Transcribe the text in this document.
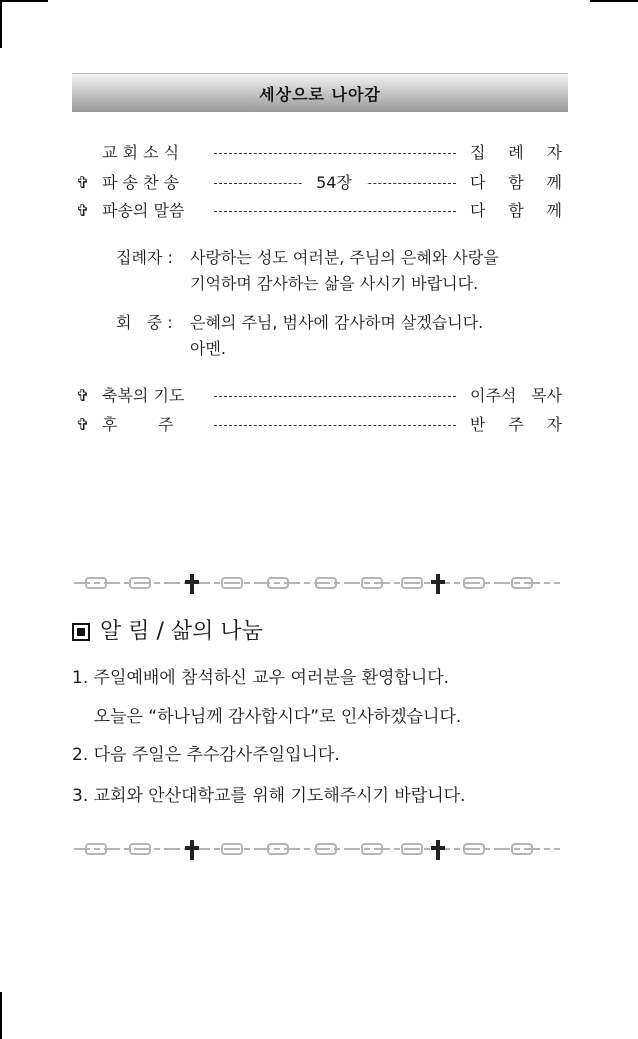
세상으로 나아감
교 회 소 식	집 례 자
✞ 파 송 찬 송	54장	다 함 께
✞ 파송의 말씀	다 함 께
집례자 : 사랑하는 성도 여러분, 주님의 은혜와 사랑을
기억하며 감사하는 삶을 사시기 바랍니다.
회   중 : 은혜의 주님, 범사에 감사하며 살겠습니다.
아멘.
✞ 축복의 기도	이주석 목사
✞ 후        주	반 주 자
알 림 / 삶의 나눔
1. 주일예배에 참석하신 교우 여러분을 환영합니다.
오늘은 “하나님께 감사합시다”로 인사하겠습니다.
2. 다음 주일은 추수감사주일입니다.
3. 교회와 안산대학교를 위해 기도해주시기 바랍니다.
